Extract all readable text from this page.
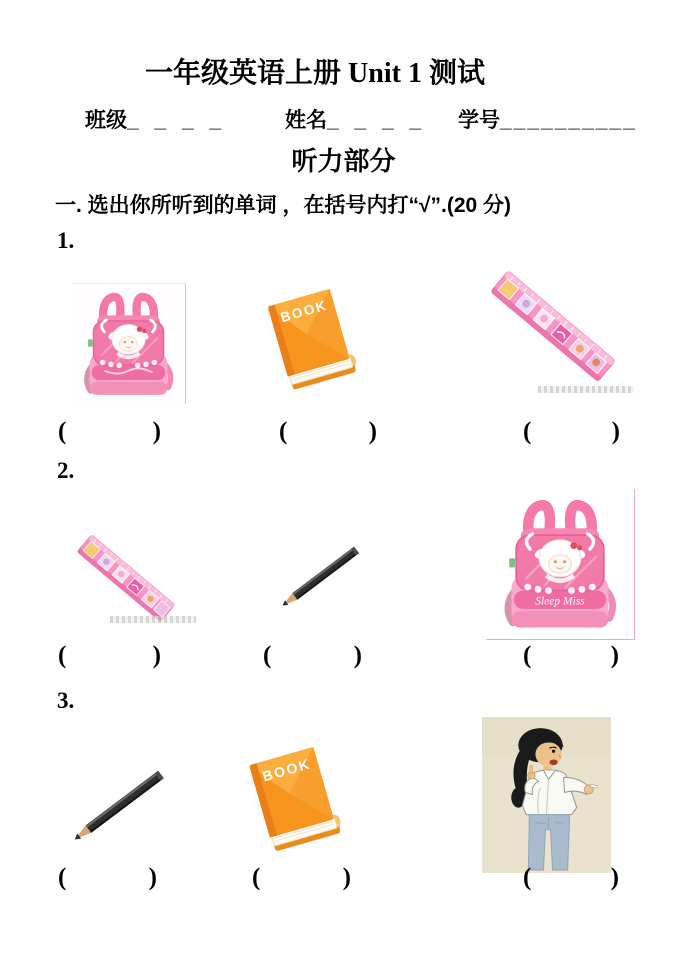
一年级英语上册 Unit 1 测试
班级_ _ _ _	姓名_ _ _ _ 学号__________
听力部分
一. 选出你所听到的单词 ，在括号内打“√”.(20 分)
1.
2.
3.
BOOK
Sleep Miss
BOOK
(	)	(	)	(	)
(	)	(	)	(	)
(	)	(	)	(	)
